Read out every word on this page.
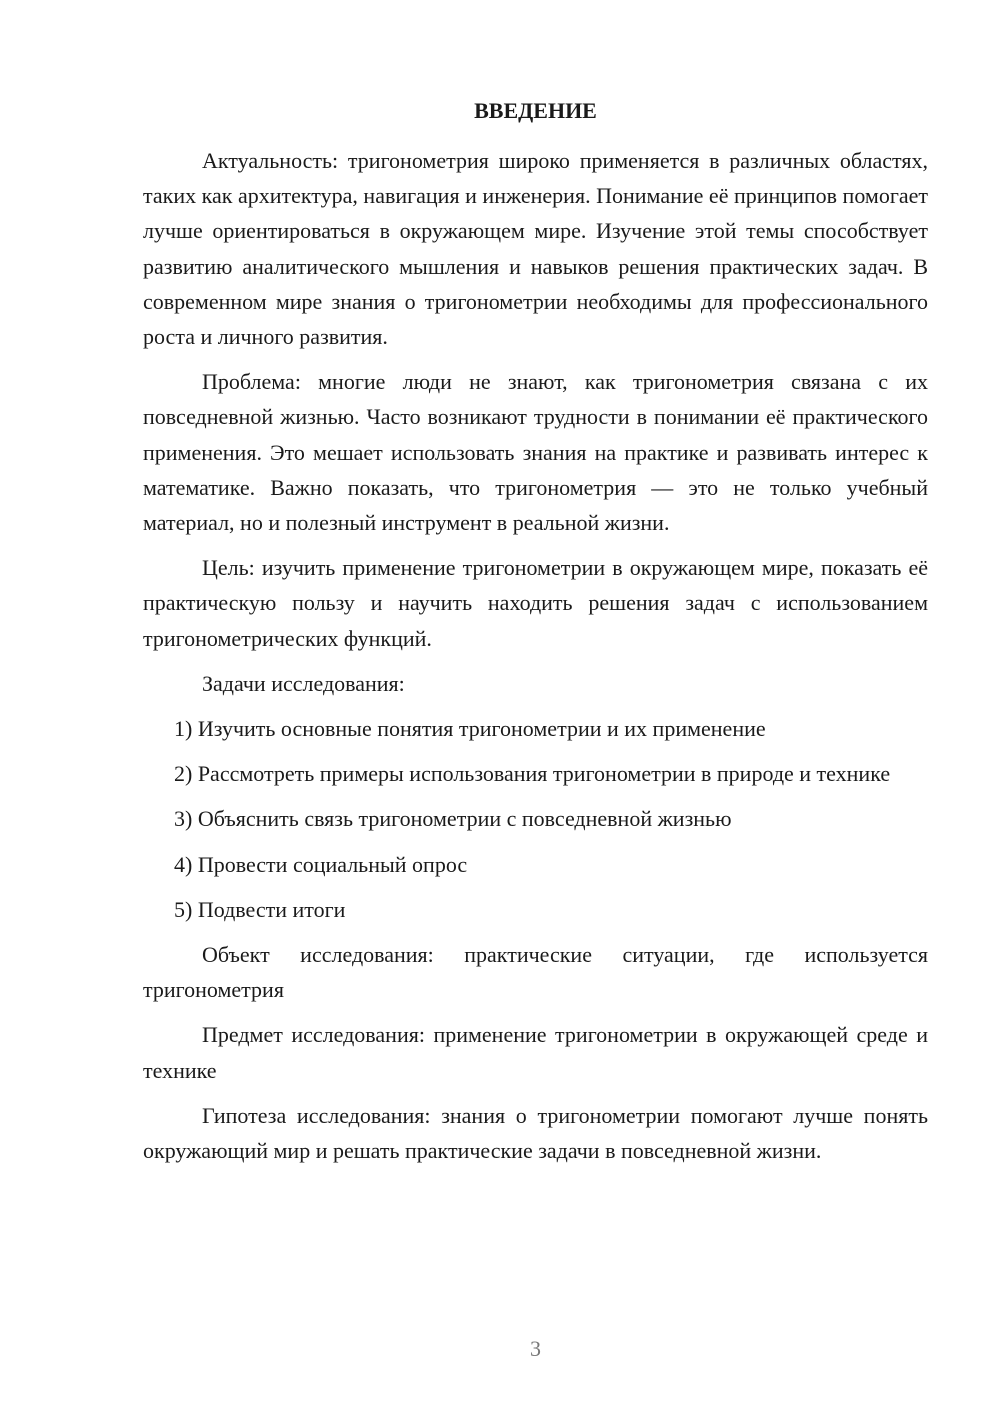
ВВЕДЕНИЕ

Актуальность: тригонометрия широко применяется в различных областях, таких как архитектура, навигация и инженерия. Понимание её принципов помогает лучше ориентироваться в окружающем мире. Изучение этой темы способствует развитию аналитического мышления и навыков решения практических задач. В современном мире знания о тригонометрии необходимы для профессионального роста и личного развития.

Проблема: многие люди не знают, как тригонометрия связана с их повседневной жизнью. Часто возникают трудности в понимании её практического применения. Это мешает использовать знания на практике и развивать интерес к математике. Важно показать, что тригонометрия — это не только учебный материал, но и полезный инструмент в реальной жизни.

Цель: изучить применение тригонометрии в окружающем мире, показать её практическую пользу и научить находить решения задач с использованием тригонометрических функций.

Задачи исследования:

1) Изучить основные понятия тригонометрии и их применение

2) Рассмотреть примеры использования тригонометрии в природе и технике

3) Объяснить связь тригонометрии с повседневной жизнью

4) Провести социальный опрос

5) Подвести итоги

Объект исследования: практические ситуации, где используется тригонометрия

Предмет исследования: применение тригонометрии в окружающей среде и технике

Гипотеза исследования: знания о тригонометрии помогают лучше понять окружающий мир и решать практические задачи в повседневной жизни.

3
